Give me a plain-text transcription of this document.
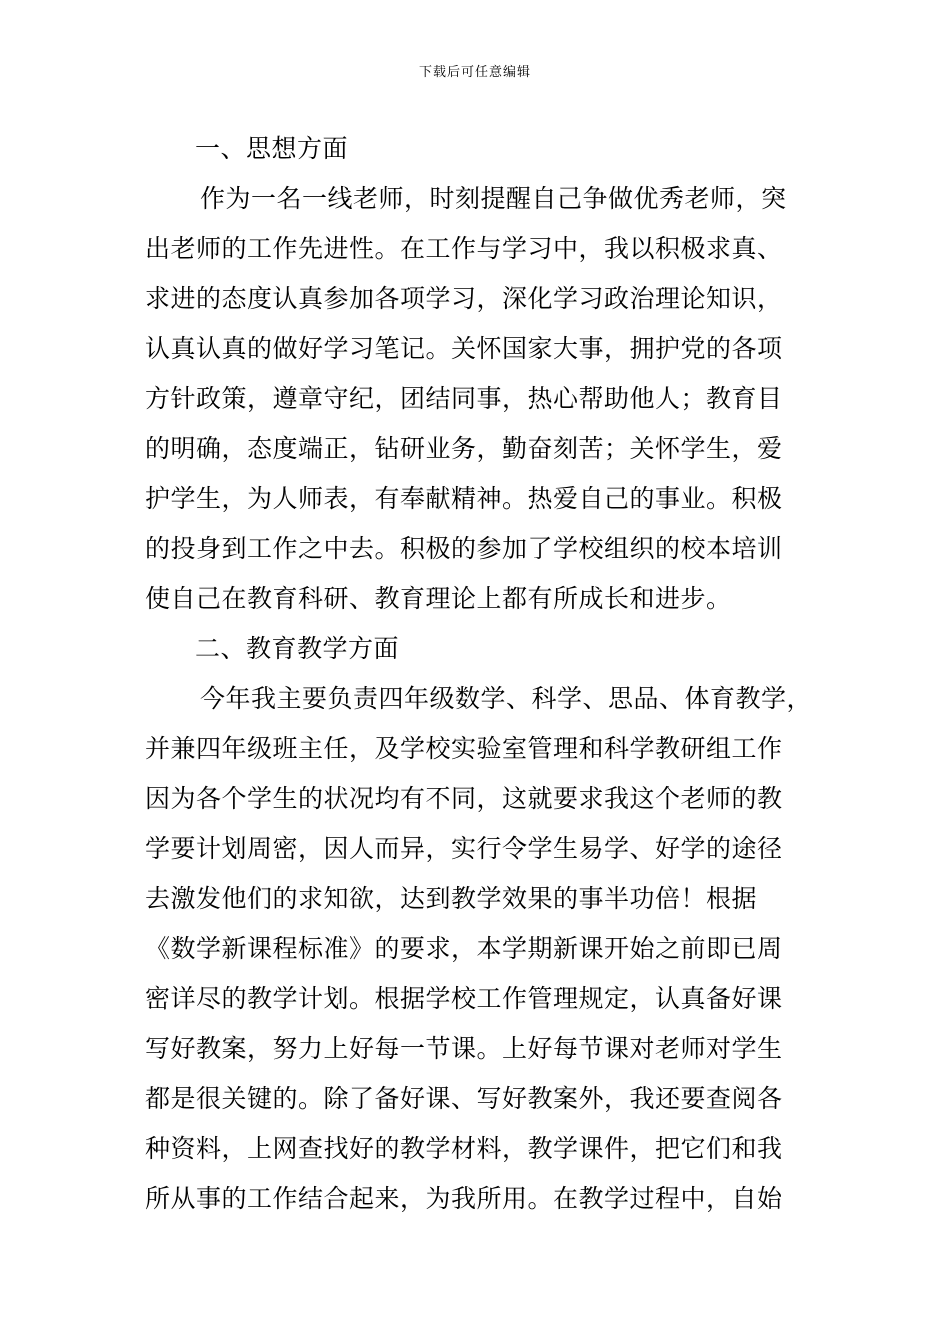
下载后可任意编辑
一、思想方面
作为一名一线老师，时刻提醒自己争做优秀老师，突
出老师的工作先进性。在工作与学习中，我以积极求真、
求进的态度认真参加各项学习，深化学习政治理论知识，
认真认真的做好学习笔记。关怀国家大事，拥护党的各项
方针政策，遵章守纪，团结同事，热心帮助他人；教育目
的明确，态度端正，钻研业务，勤奋刻苦；关怀学生，爱
护学生，为人师表，有奉献精神。热爱自己的事业。积极
的投身到工作之中去。积极的参加了学校组织的校本培训
使自己在教育科研、教育理论上都有所成长和进步。
二、教育教学方面
今年我主要负责四年级数学、科学、思品、体育教学，
并兼四年级班主任，及学校实验室管理和科学教研组工作
因为各个学生的状况均有不同，这就要求我这个老师的教
学要计划周密，因人而异，实行令学生易学、好学的途径
去激发他们的求知欲，达到教学效果的事半功倍！根据
《数学新课程标准》的要求，本学期新课开始之前即已周
密详尽的教学计划。根据学校工作管理规定，认真备好课
写好教案，努力上好每一节课。上好每节课对老师对学生
都是很关键的。除了备好课、写好教案外，我还要查阅各
种资料，上网查找好的教学材料，教学课件，把它们和我
所从事的工作结合起来，为我所用。在教学过程中，自始
